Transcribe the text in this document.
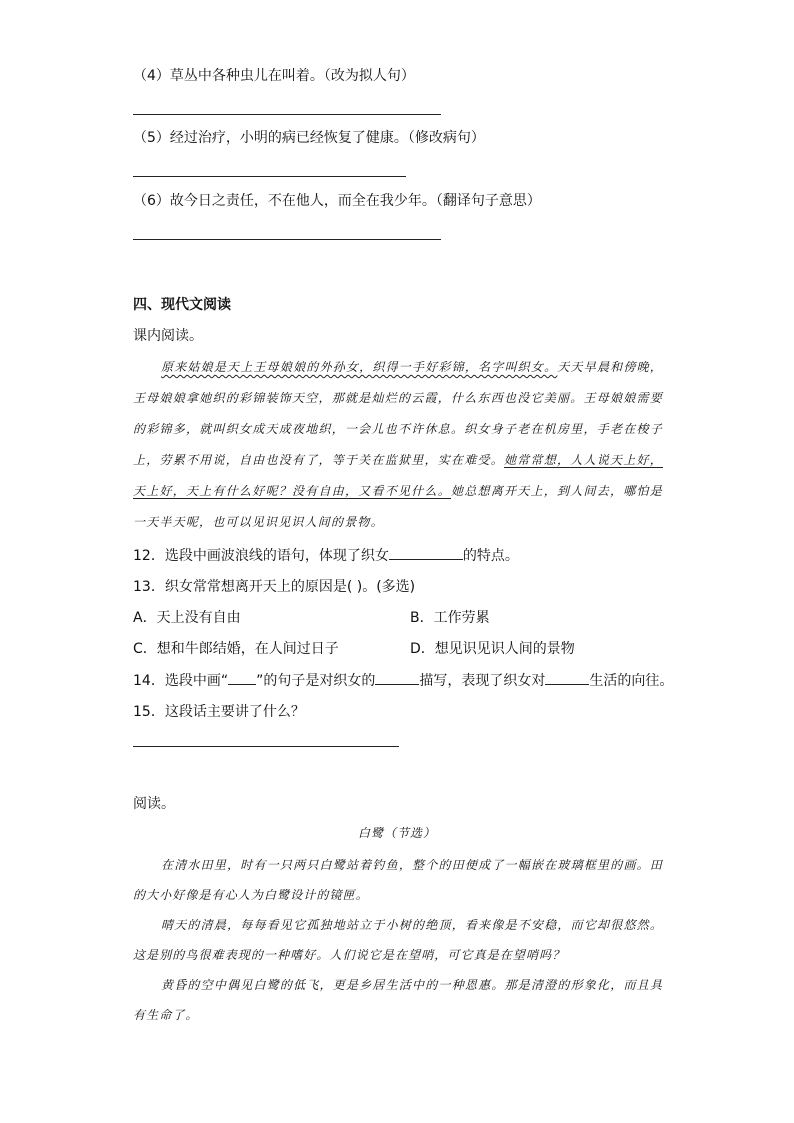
（4）草丛中各种虫儿在叫着。（改为拟人句）
（5）经过治疗，小明的病已经恢复了健康。（修改病句）
（6）故今日之责任，不在他人，而全在我少年。（翻译句子意思）
四、现代文阅读
课内阅读。

原来姑娘是天上王母娘娘的外孙女，织得一手好彩锦，名字叫织女。天天早晨和傍晚，王母娘娘拿她织的彩锦装饰天空，那就是灿烂的云霞，什么东西也没它美丽。王母娘娘需要的彩锦多，就叫织女成天成夜地织，一会儿也不许休息。织女身子老在机房里，手老在梭子上，劳累不用说，自由也没有了，等于关在监狱里，实在难受。她常常想，人人说天上好，天上好，天上有什么好呢？没有自由，又看不见什么。她总想离开天上，到人间去，哪怕是一天半天呢，也可以见识见识人间的景物。

12．选段中画波浪线的语句，体现了织女	的特点。
13．织女常常想离开天上的原因是( )。(多选)
A．天上没有自由	B．工作劳累
C．想和牛郎结婚，在人间过日子	D．想见识见识人间的景物
14．选段中画“ ”的句子是对织女的	描写，表现了织女对	生活的向往。
15．这段话主要讲了什么？
阅读。
白鹭（节选）

在清水田里，时有一只两只白鹭站着钓鱼，整个的田便成了一幅嵌在玻璃框里的画。田的大小好像是有心人为白鹭设计的镜匣。

晴天的清晨，每每看见它孤独地站立于小树的绝顶，看来像是不安稳，而它却很悠然。这是别的鸟很难表现的一种嗜好。人们说它是在望哨，可它真是在望哨吗？

黄昏的空中偶见白鹭的低飞，更是乡居生活中的一种恩惠。那是清澄的形象化，而且具有生命了。
